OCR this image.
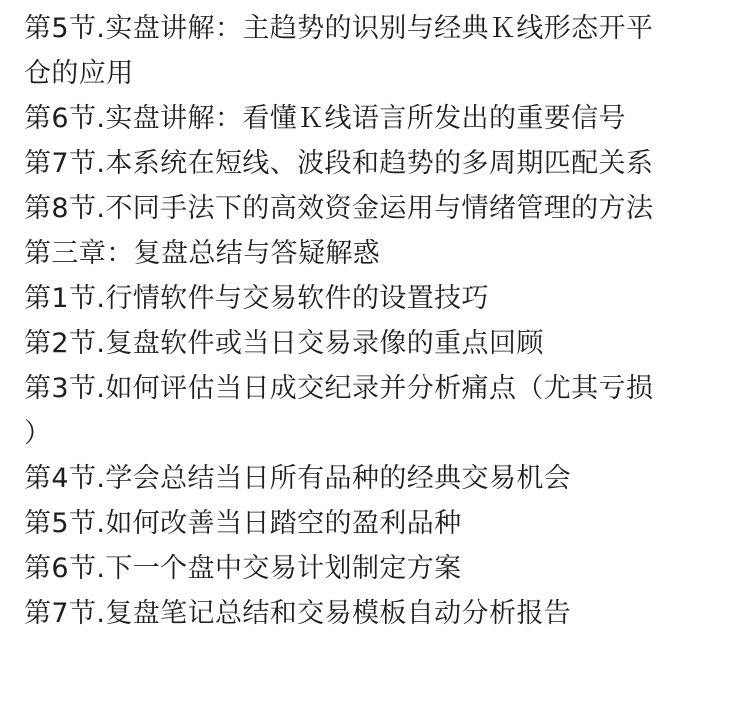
第5节.实盘讲解：主趋势的识别与经典Ｋ线形态开平
仓的应用
第6节.实盘讲解：看懂Ｋ线语言所发出的重要信号
第7节.本系统在短线、波段和趋势的多周期匹配关系
第8节.不同手法下的高效资金运用与情绪管理的方法
第三章：复盘总结与答疑解惑
第1节.行情软件与交易软件的设置技巧
第2节.复盘软件或当日交易录像的重点回顾
第3节.如何评估当日成交纪录并分析痛点（尤其亏损
）
第4节.学会总结当日所有品种的经典交易机会
第5节.如何改善当日踏空的盈利品种
第6节.下一个盘中交易计划制定方案
第7节.复盘笔记总结和交易模板自动分析报告
